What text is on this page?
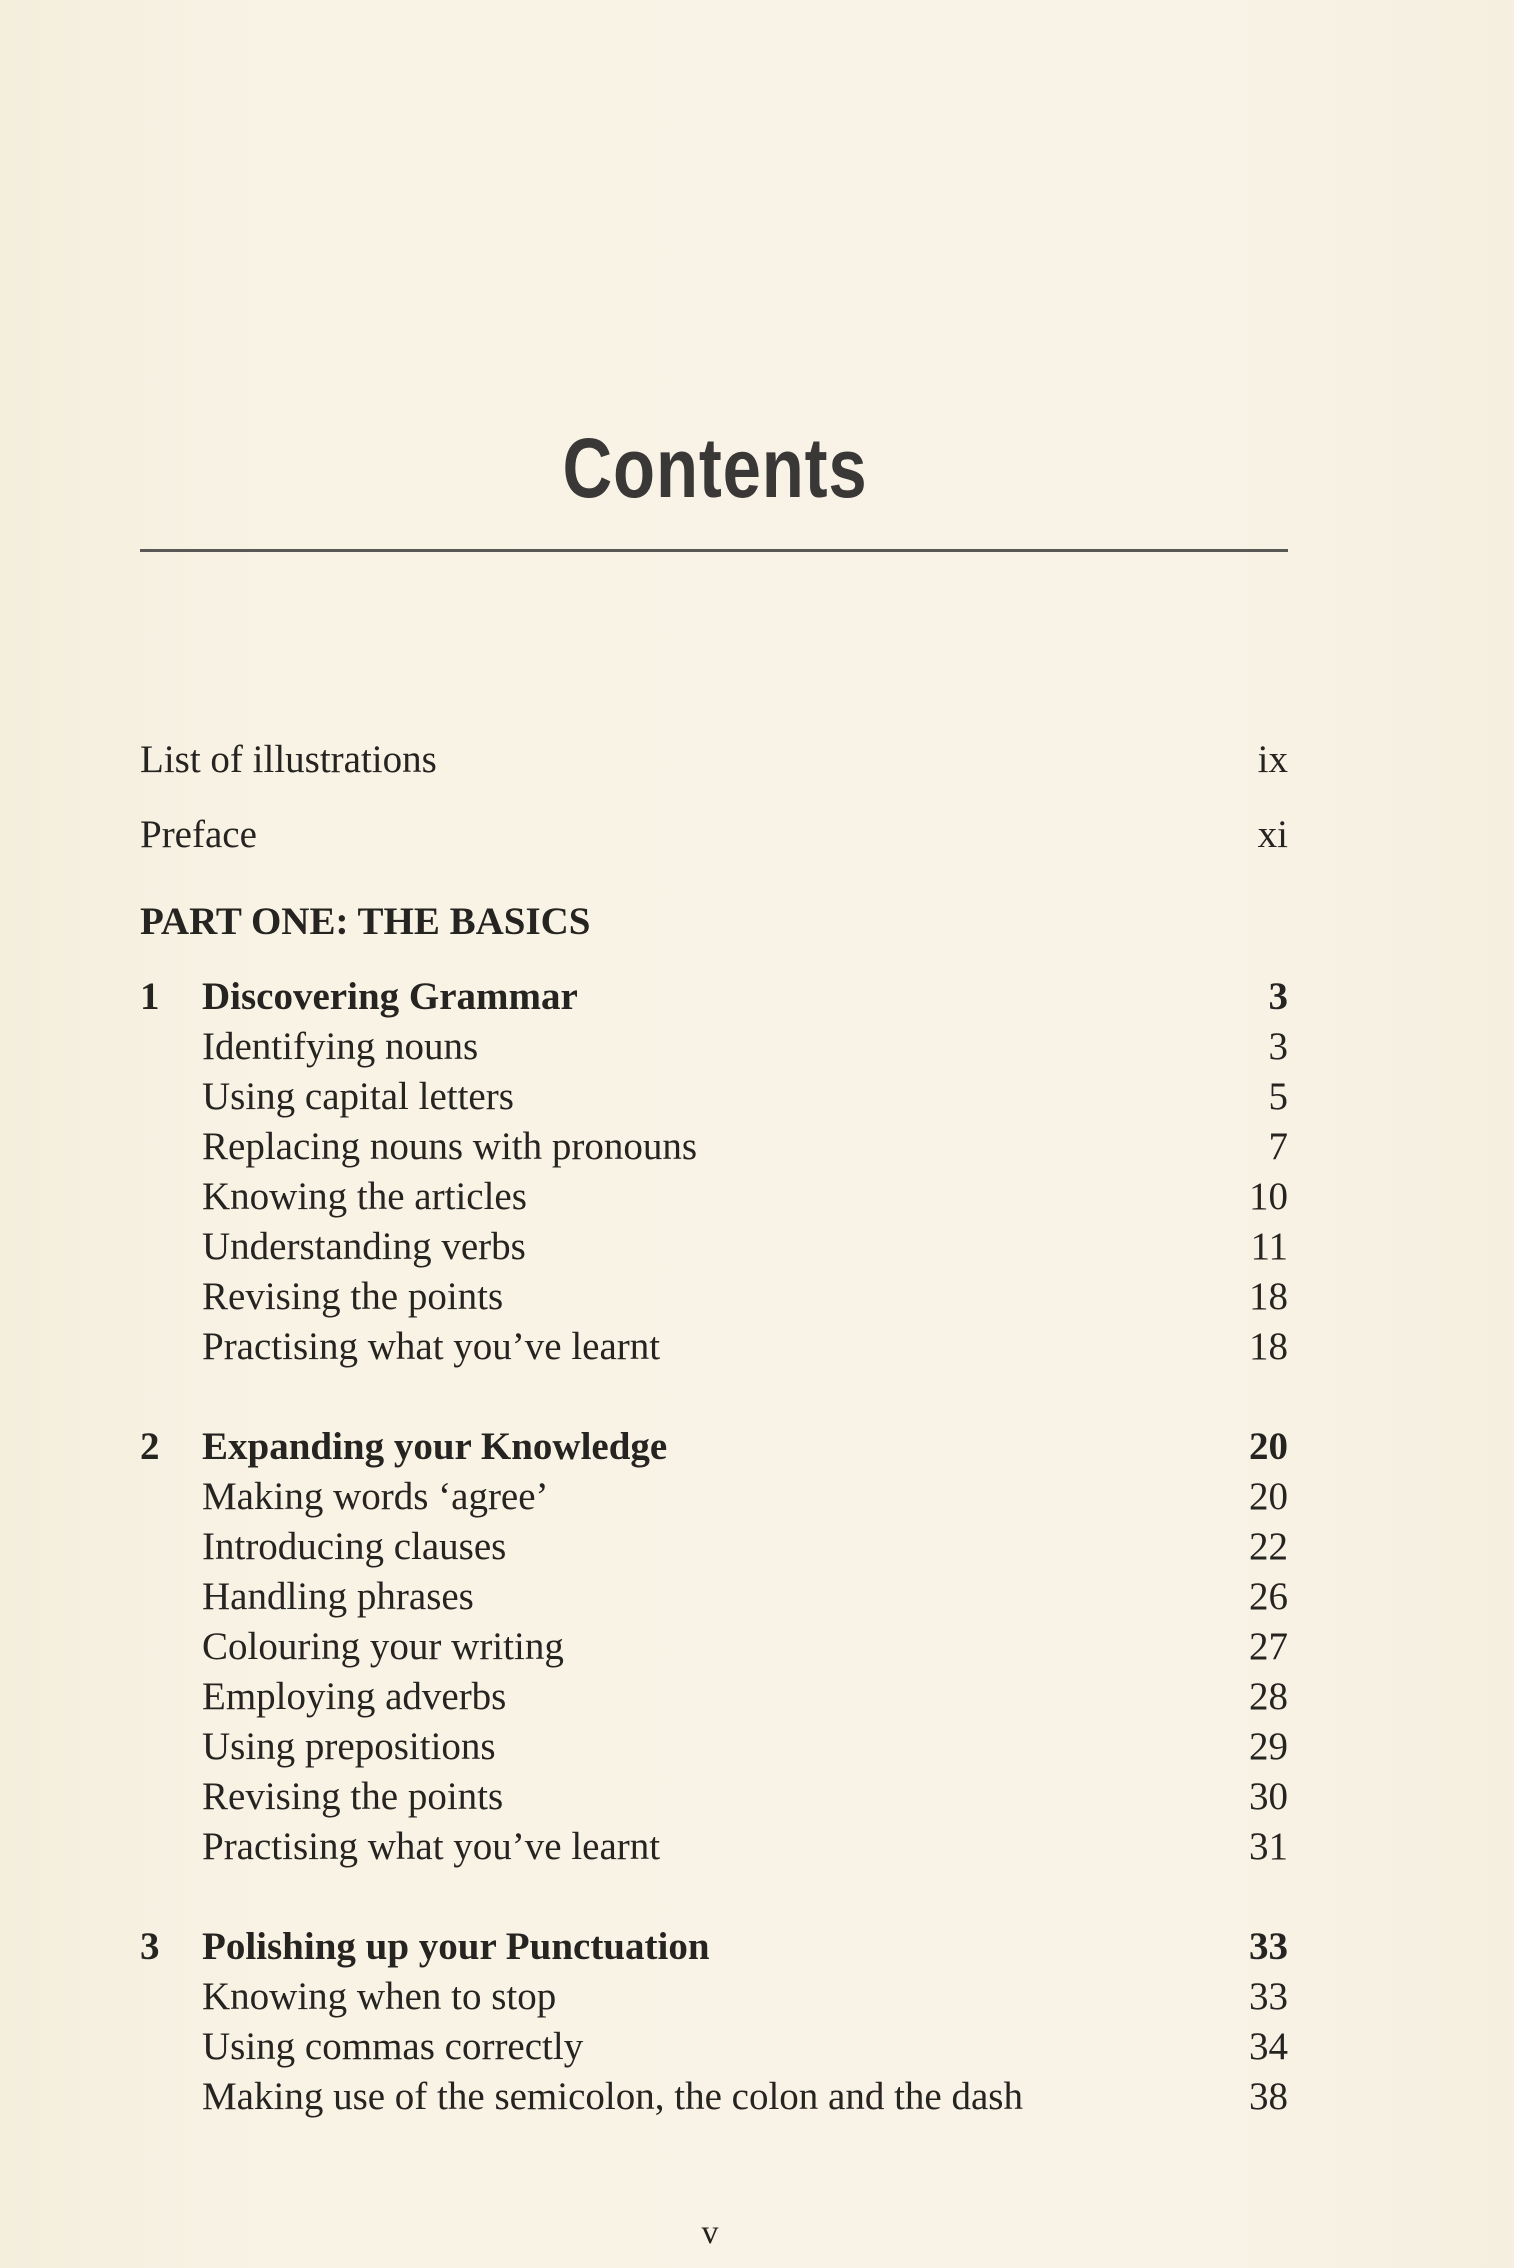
Contents
List of illustrations	ix
Preface	xi
PART ONE: THE BASICS
1	Discovering Grammar	3
Identifying nouns	3
Using capital letters	5
Replacing nouns with pronouns	7
Knowing the articles	10
Understanding verbs	11
Revising the points	18
Practising what you’ve learnt	18
2	Expanding your Knowledge	20
Making words ‘agree’	20
Introducing clauses	22
Handling phrases	26
Colouring your writing	27
Employing adverbs	28
Using prepositions	29
Revising the points	30
Practising what you’ve learnt	31
3	Polishing up your Punctuation	33
Knowing when to stop	33
Using commas correctly	34
Making use of the semicolon, the colon and the dash	38
v
